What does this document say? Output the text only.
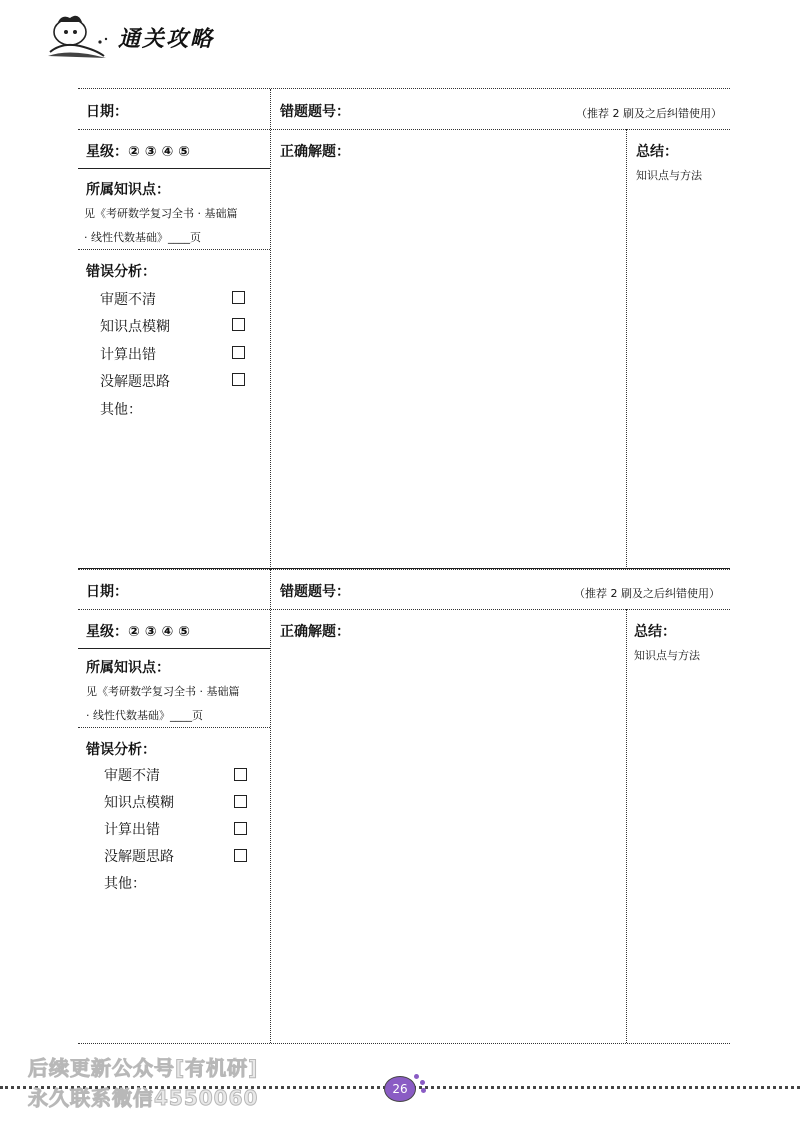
通关攻略
日期：	错题题号：	（推荐 2 刷及之后纠错使用）
星级：② ③ ④ ⑤	正确解题：	总结：
知识点与方法
所属知识点：
见《考研数学复习全书 · 基础篇
· 线性代数基础》____页
错误分析：
审题不清
知识点模糊
计算出错
没解题思路
其他：
日期：	错题题号：	（推荐 2 刷及之后纠错使用）
星级：② ③ ④ ⑤	正确解题：	总结：
知识点与方法
所属知识点：
见《考研数学复习全书 · 基础篇
· 线性代数基础》____页
错误分析：
审题不清
知识点模糊
计算出错
没解题思路
其他：
后续更新公众号[有机研]
永久联系微信4550060	26
